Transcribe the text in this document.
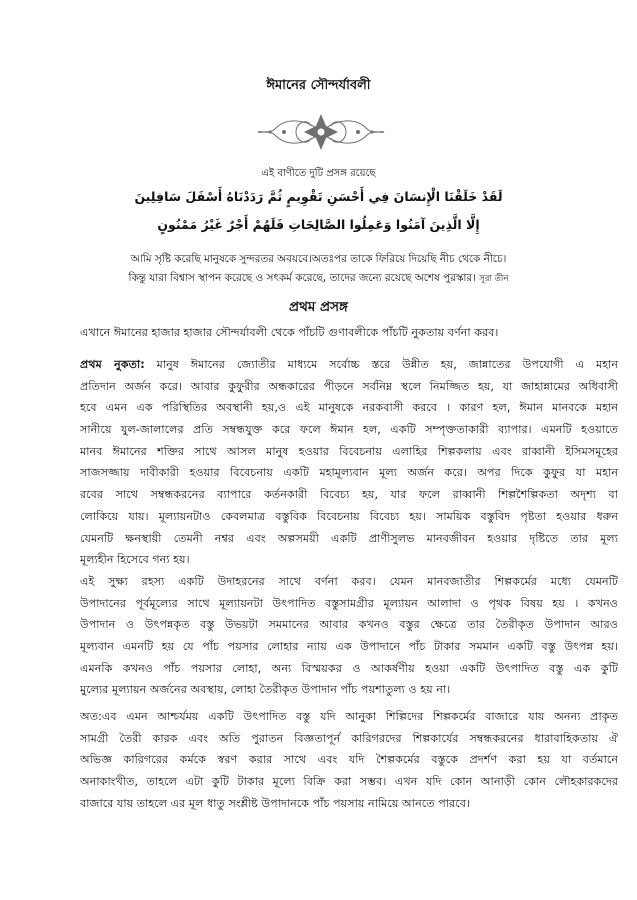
ঈমানের সৌন্দর্যাবলী
এই বাণীতে দুটি প্রসঙ্গ রয়েছে
لَقَدْ خَلَقْنَا الْإِنسَانَ فِي أَحْسَنِ تَقْوِيمٍ ثُمَّ رَدَدْنَاهُ أَسْفَلَ سَافِلِينَ
إِلَّا الَّذِينَ آمَنُوا وَعَمِلُوا الصَّالِحَاتِ فَلَهُمْ أَجْرٌ غَيْرُ مَمْنُونٍ
আমি সৃষ্টি করেছি মানুষকে সুন্দরতর অবয়বে।অতঃপর তাকে ফিরিয়ে দিয়েছি নীচ থেকে নীচে।
কিন্তু যারা বিশ্বাস স্থাপন করেছে ও সৎকর্ম করেছে, তাদের জন্যে রয়েছে অশেষ পুরস্কার। সূরা তীন
প্রথম প্রসঙ্গ
এখানে ঈমানের হাজার হাজার সৌন্দর্যাবলী থেকে পাঁচটি গুণাবলীকে পাঁচটি নুকতায় বর্ণনা করব।
প্রথম নুকতা: মানুষ ঈমানের জ্যোতীর মাধ্যমে সর্বোচ্চ স্তরে উন্নীত হয়, জান্নাতের উপযোগী এ মহান
প্রতিদান অর্জন করে। আবার কুফুরীর অন্ধকারের পীড়নে সর্বনিম্ন স্থলে নিমজ্জিত হয়, যা জাহান্নামের অধিবাসী
হবে এমন এক পরিস্থিতির অবস্থানী হয়,ও এই মানুষকে নরকবাসী করবে । কারণ হল, ঈমান মানবকে মহান
সানীয়ে যুল-জালালের প্রতি সম্বন্ধযুক্ত করে ফলে ঈমান হল, একটি সম্পৃক্ততাকারী ব্যাপার। এমনটি হওয়াতে
মানব ঈমানের শক্তির সাথে আসল মানুষ হওয়ার বিবেচনায় এলাহির শিল্পকলায় এবং রাব্বানী ইসিমসমূহের
সাজসজ্জায় দাবীকারী হওয়ার বিবেচনায় একটি মহামূল্যবান মূল্য অর্জন করে। অপর দিকে কুফুর যা মহান
রবের সাথে সম্বন্ধকরনের ব্যাপারে কর্তনকারী বিবেচ্য হয়, যার ফলে রাব্বানী শিল্পশৈল্পিকতা অদৃশ্য বা
লোকিয়ে যায়। মূল্যায়নটাও কেবলমাত্র বস্তুবিক বিবেচনায় বিবেচ্য হয়। সাময়িক বস্তুবিদ পৃষ্টতা হওয়ার ধরুন
যেমনটি ক্ষনস্থায়ী তেমনী নশ্বর এবং অল্পসময়ী একটি প্রাণীসুলভ মানবজীবন হওয়ার দৃষ্টিতে তার মূল্য
মূল্যহীন হিসেবে গন্য হয়।
এই সুক্ষ্য রহস্য একটি উদাহরনের সাথে বর্ণনা করব। যেমন মানবজাতীর শিল্পকর্মের মধ্যে যেমনটি
উপাদানের পূর্বমূল্যের সাথে মূল্যায়নটা উৎপাদিত বস্তুসামগ্রীর মূল্যায়ন আলাদা ও পৃথক বিষয় হয় । কখনও
উপাদান ও উৎপন্নকৃত বস্তু উভয়টা সমমানের আবার কখনও বস্তুর ক্ষেত্রে তার তৈরীকৃত উপাদান আরও
মূল্যবান এমনটি হয় যে পাঁচ পয়সার লোহার ন্যায় এক উপাদানে পাঁচ টাকার সমমান একটি বস্তু উৎপন্ন হয়।
এমনকি কখনও পাঁচ পয়সার লোহা, অন্য বিস্ময়কর ও আকর্ষণীয় হওয়া একটি উৎপাদিত বস্তু এক কুটি
মুল্যের মূল্যায়ন অর্জনের অবস্থায়, লোহা তৈরীকৃত উপাদান পাঁচ পয়শাতুল্য ও হয় না।
অত:এব এমন আশ্চর্যময় একটি উৎপাদিত বস্তু যদি আনুকা শিল্পিদের শিল্পকর্মের বাজারে যায় অনন্য প্রাকৃত
সামগ্রী তৈরী কারক এবং অতি পুরাতন বিজ্ঞতাপূর্ন কারিগরদের শিল্পকার্যের সম্বন্ধকরনের ধারাবাহিকতায় ঐ
অভিজ্ঞ কারিগরের কর্মকে স্বরণ করার সাথে এবং যদি শৈল্পকর্মের বস্তুকে প্রদর্শণ করা হয় যা বর্তমানে
অনাকাংখীত, তাহলে এটা কুটি টাকার মূল্যে বিক্রি করা সম্ভব। এখন যদি কোন আনাড়ী কোন লৌহকারকদের
বাজারে যায় তাহলে এর মূল ধাতু সংশ্লীষ্ট উপাদানকে পাঁচ পয়সায় নামিয়ে আনতে পারবে।
